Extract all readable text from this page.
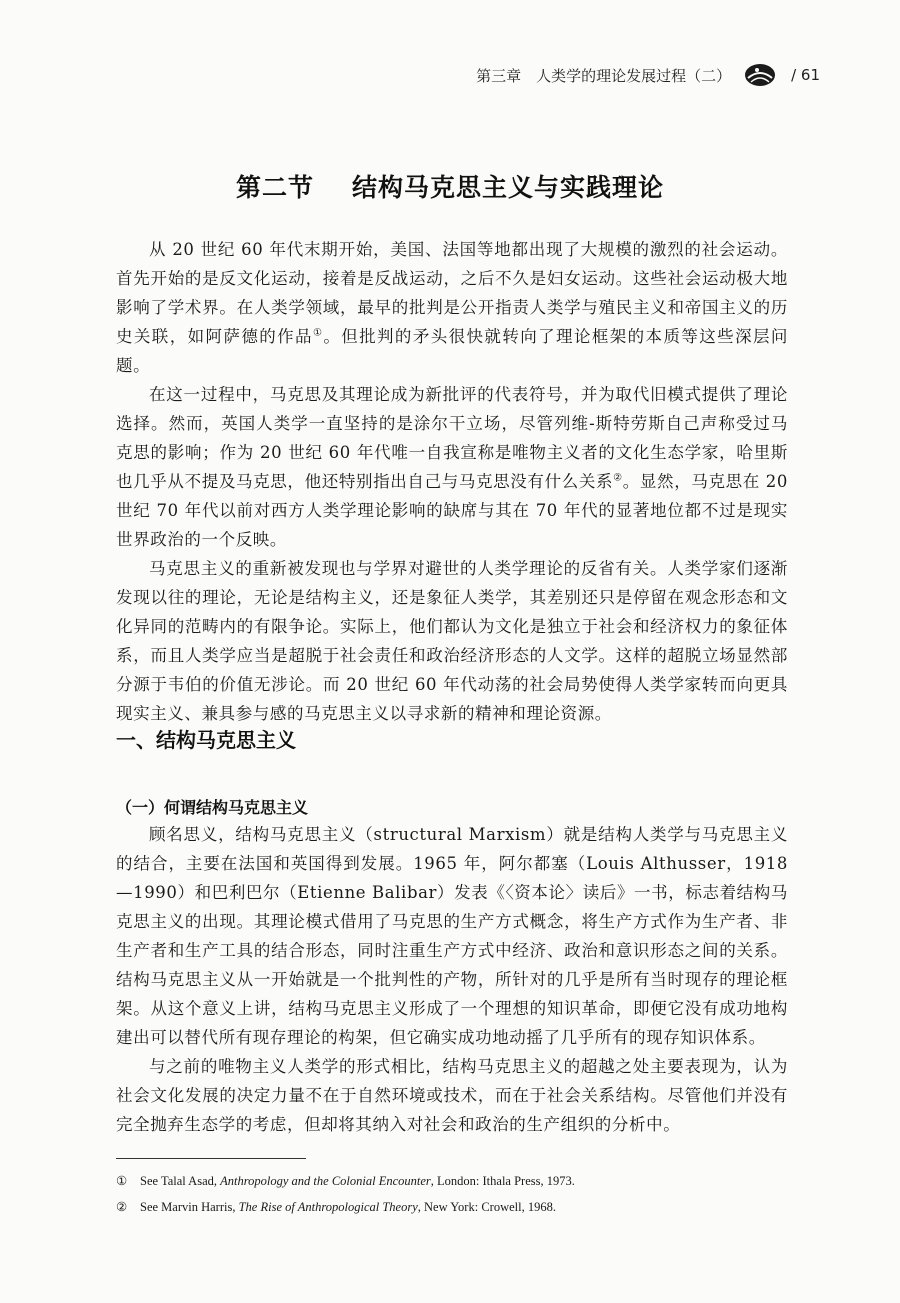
第三章　人类学的理论发展过程（二）	/ 61
第二节 结构马克思主义与实践理论

从 20 世纪 60 年代末期开始，美国、法国等地都出现了大规模的激烈的社会运动。首先开始的是反文化运动，接着是反战运动，之后不久是妇女运动。这些社会运动极大地影响了学术界。在人类学领域，最早的批判是公开指责人类学与殖民主义和帝国主义的历史关联，如阿萨德的作品①。但批判的矛头很快就转向了理论框架的本质等这些深层问题。

在这一过程中，马克思及其理论成为新批评的代表符号，并为取代旧模式提供了理论选择。然而，英国人类学一直坚持的是涂尔干立场，尽管列维-斯特劳斯自己声称受过马克思的影响；作为 20 世纪 60 年代唯一自我宣称是唯物主义者的文化生态学家，哈里斯也几乎从不提及马克思，他还特别指出自己与马克思没有什么关系②。显然，马克思在 20 世纪 70 年代以前对西方人类学理论影响的缺席与其在 70 年代的显著地位都不过是现实世界政治的一个反映。

马克思主义的重新被发现也与学界对避世的人类学理论的反省有关。人类学家们逐渐发现以往的理论，无论是结构主义，还是象征人类学，其差别还只是停留在观念形态和文化异同的范畴内的有限争论。实际上，他们都认为文化是独立于社会和经济权力的象征体系，而且人类学应当是超脱于社会责任和政治经济形态的人文学。这样的超脱立场显然部分源于韦伯的价值无涉论。而 20 世纪 60 年代动荡的社会局势使得人类学家转而向更具现实主义、兼具参与感的马克思主义以寻求新的精神和理论资源。

一、结构马克思主义
（一）何谓结构马克思主义

顾名思义，结构马克思主义（structural Marxism）就是结构人类学与马克思主义的结合，主要在法国和英国得到发展。1965 年，阿尔都塞（Louis Althusser，1918—1990）和巴利巴尔（Etienne Balibar）发表《〈资本论〉读后》一书，标志着结构马克思主义的出现。其理论模式借用了马克思的生产方式概念，将生产方式作为生产者、非生产者和生产工具的结合形态，同时注重生产方式中经济、政治和意识形态之间的关系。结构马克思主义从一开始就是一个批判性的产物，所针对的几乎是所有当时现存的理论框架。从这个意义上讲，结构马克思主义形成了一个理想的知识革命，即便它没有成功地构建出可以替代所有现存理论的构架，但它确实成功地动摇了几乎所有的现存知识体系。

与之前的唯物主义人类学的形式相比，结构马克思主义的超越之处主要表现为，认为社会文化发展的决定力量不在于自然环境或技术，而在于社会关系结构。尽管他们并没有完全抛弃生态学的考虑，但却将其纳入对社会和政治的生产组织的分析中。

①	See Talal Asad, Anthropology and the Colonial Encounter, London: Ithala Press, 1973.
②	See Marvin Harris, The Rise of Anthropological Theory, New York: Crowell, 1968.
